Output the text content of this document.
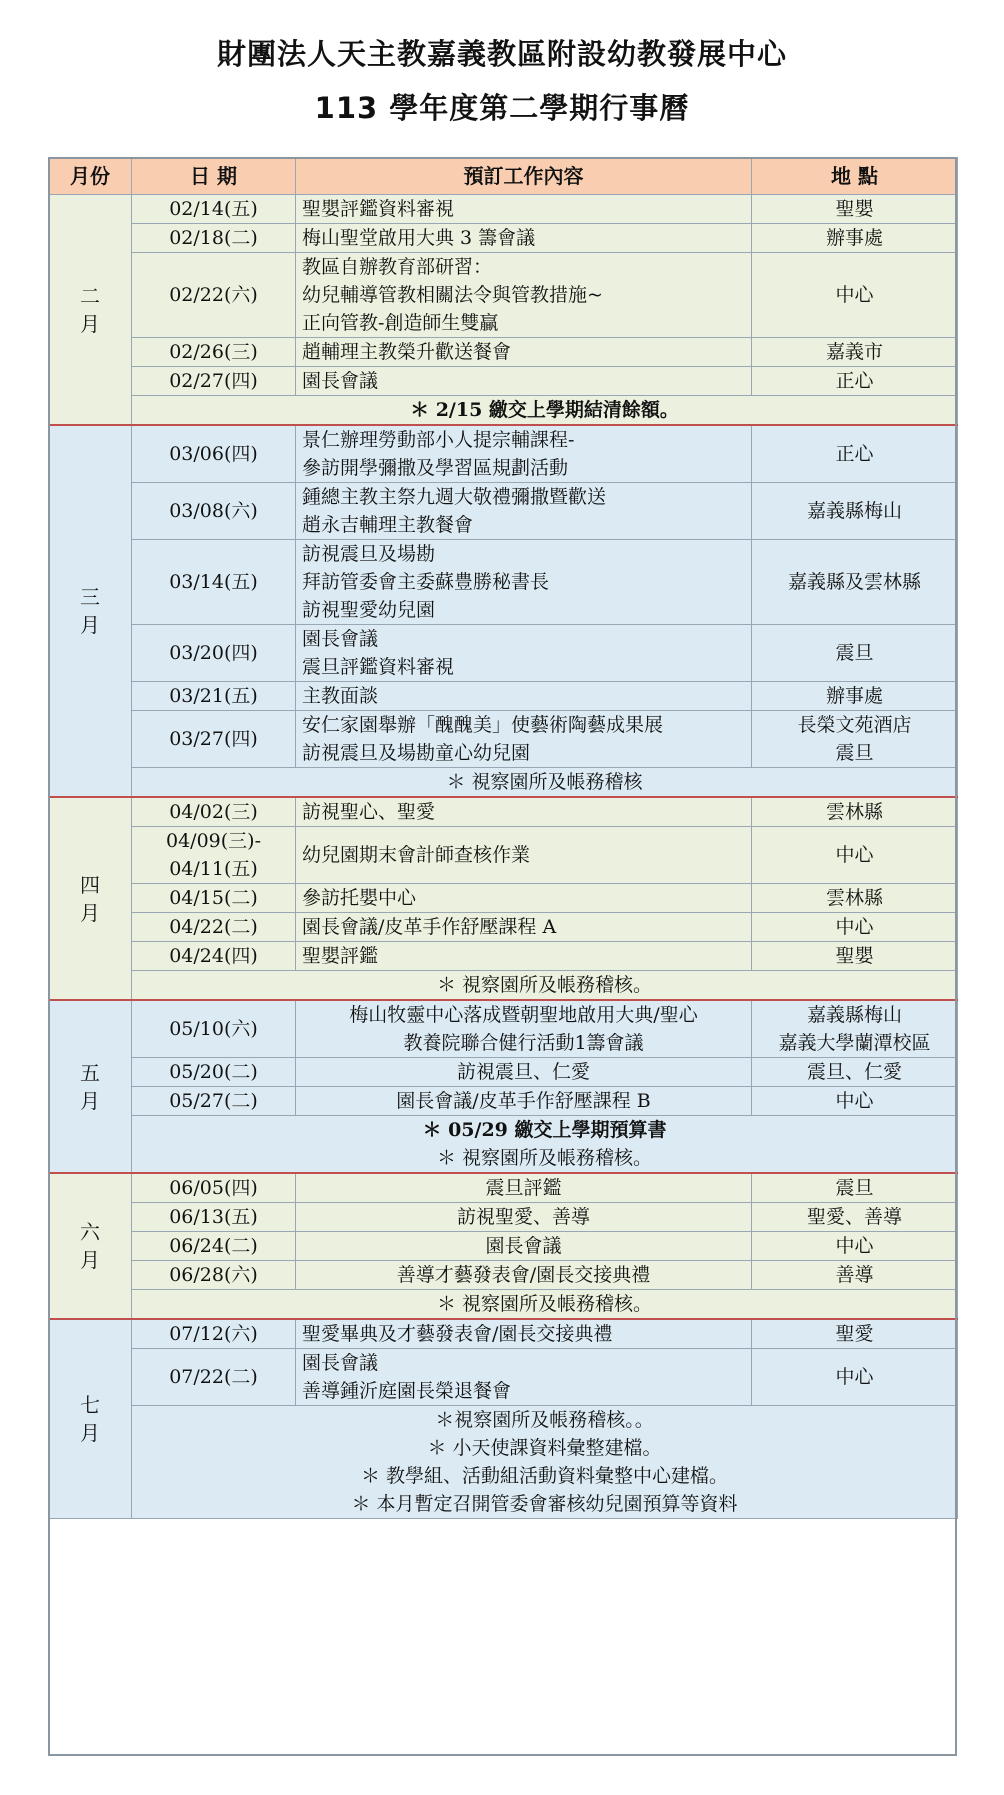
財團法人天主教嘉義教區附設幼教發展中心
113 學年度第二學期行事曆
月份	日 期	預訂工作內容	地 點

二
月	02/14(五)	聖嬰評鑑資料審視	聖嬰

	02/18(二)	梅山聖堂啟用大典 3 籌會議	辦事處

	02/22(六)	教區自辦教育部研習：
幼兒輔導管教相關法令與管教措施~
正向管教-創造師生雙贏	中心

	02/26(三)	趙輔理主教榮升歡送餐會	嘉義市

	02/27(四)	園長會議	正心

	＊ 2/15 繳交上學期結清餘額。		

三
月	03/06(四)	景仁辦理勞動部小人提宗輔課程-
參訪開學彌撒及學習區規劃活動	正心

	03/08(六)	鍾總主教主祭九週大敬禮彌撒暨歡送
趙永吉輔理主教餐會	嘉義縣梅山

	03/14(五)	訪視震旦及場勘
拜訪管委會主委蘇豊勝秘書長
訪視聖愛幼兒園	嘉義縣及雲林縣

	03/20(四)	園長會議
震旦評鑑資料審視	震旦

	03/21(五)	主教面談	辦事處

	03/27(四)	安仁家園舉辦「醜醜美」使藝術陶藝成果展
訪視震旦及場勘童心幼兒園	長榮文苑酒店
震旦

	＊ 視察園所及帳務稽核		

四
月	04/02(三)	訪視聖心、聖愛	雲林縣

	04/09(三)-
04/11(五)	幼兒園期末會計師查核作業	中心

	04/15(二)	參訪托嬰中心	雲林縣

	04/22(二)	園長會議/皮革手作舒壓課程 A	中心

	04/24(四)	聖嬰評鑑	聖嬰

	＊ 視察園所及帳務稽核。		

五
月	05/10(六)	梅山牧靈中心落成暨朝聖地啟用大典/聖心
教養院聯合健行活動1籌會議	嘉義縣梅山
嘉義大學蘭潭校區

	05/20(二)	訪視震旦、仁愛	震旦、仁愛

	05/27(二)	園長會議/皮革手作舒壓課程 B	中心

	＊ 05/29 繳交上學期預算書
＊ 視察園所及帳務稽核。		

六
月	06/05(四)	震旦評鑑	震旦

	06/13(五)	訪視聖愛、善導	聖愛、善導

	06/24(二)	園長會議	中心

	06/28(六)	善導才藝發表會/園長交接典禮	善導

	＊ 視察園所及帳務稽核。		

七
月	07/12(六)	聖愛畢典及才藝發表會/園長交接典禮	聖愛

	07/22(二)	園長會議
善導鍾沂庭園長榮退餐會	中心

	＊視察園所及帳務稽核。。
＊ 小天使課資料彙整建檔。
＊ 教學組、活動組活動資料彙整中心建檔。
＊ 本月暫定召開管委會審核幼兒園預算等資料		
